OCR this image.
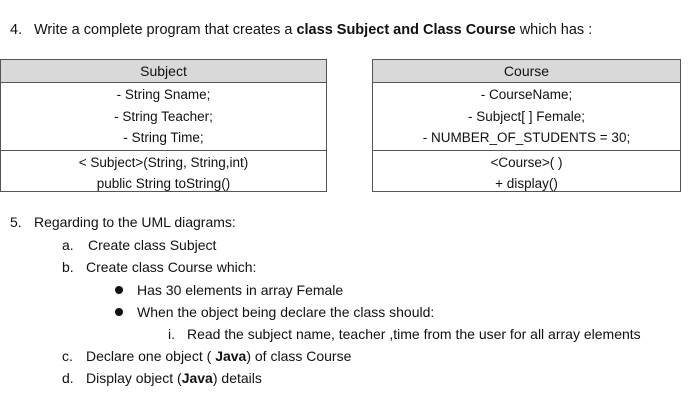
4. Write a complete program that creates a class Subject and Class Course which has :
Subject
- String Sname;
- String Teacher;
- String Time;
< Subject>(String, String,int)
public String toString()
Course
- CourseName;
- Subject[ ] Female;
- NUMBER_OF_STUDENTS = 30;
<Course>( )
+ display()
5. Regarding to the UML diagrams:
a. Create class Subject
b. Create class Course which:
Has 30 elements in array Female
When the object being declare the class should:
i. Read the subject name, teacher ,time from the user for all array elements
c. Declare one object ( Java) of class Course
d. Display object (Java) details
